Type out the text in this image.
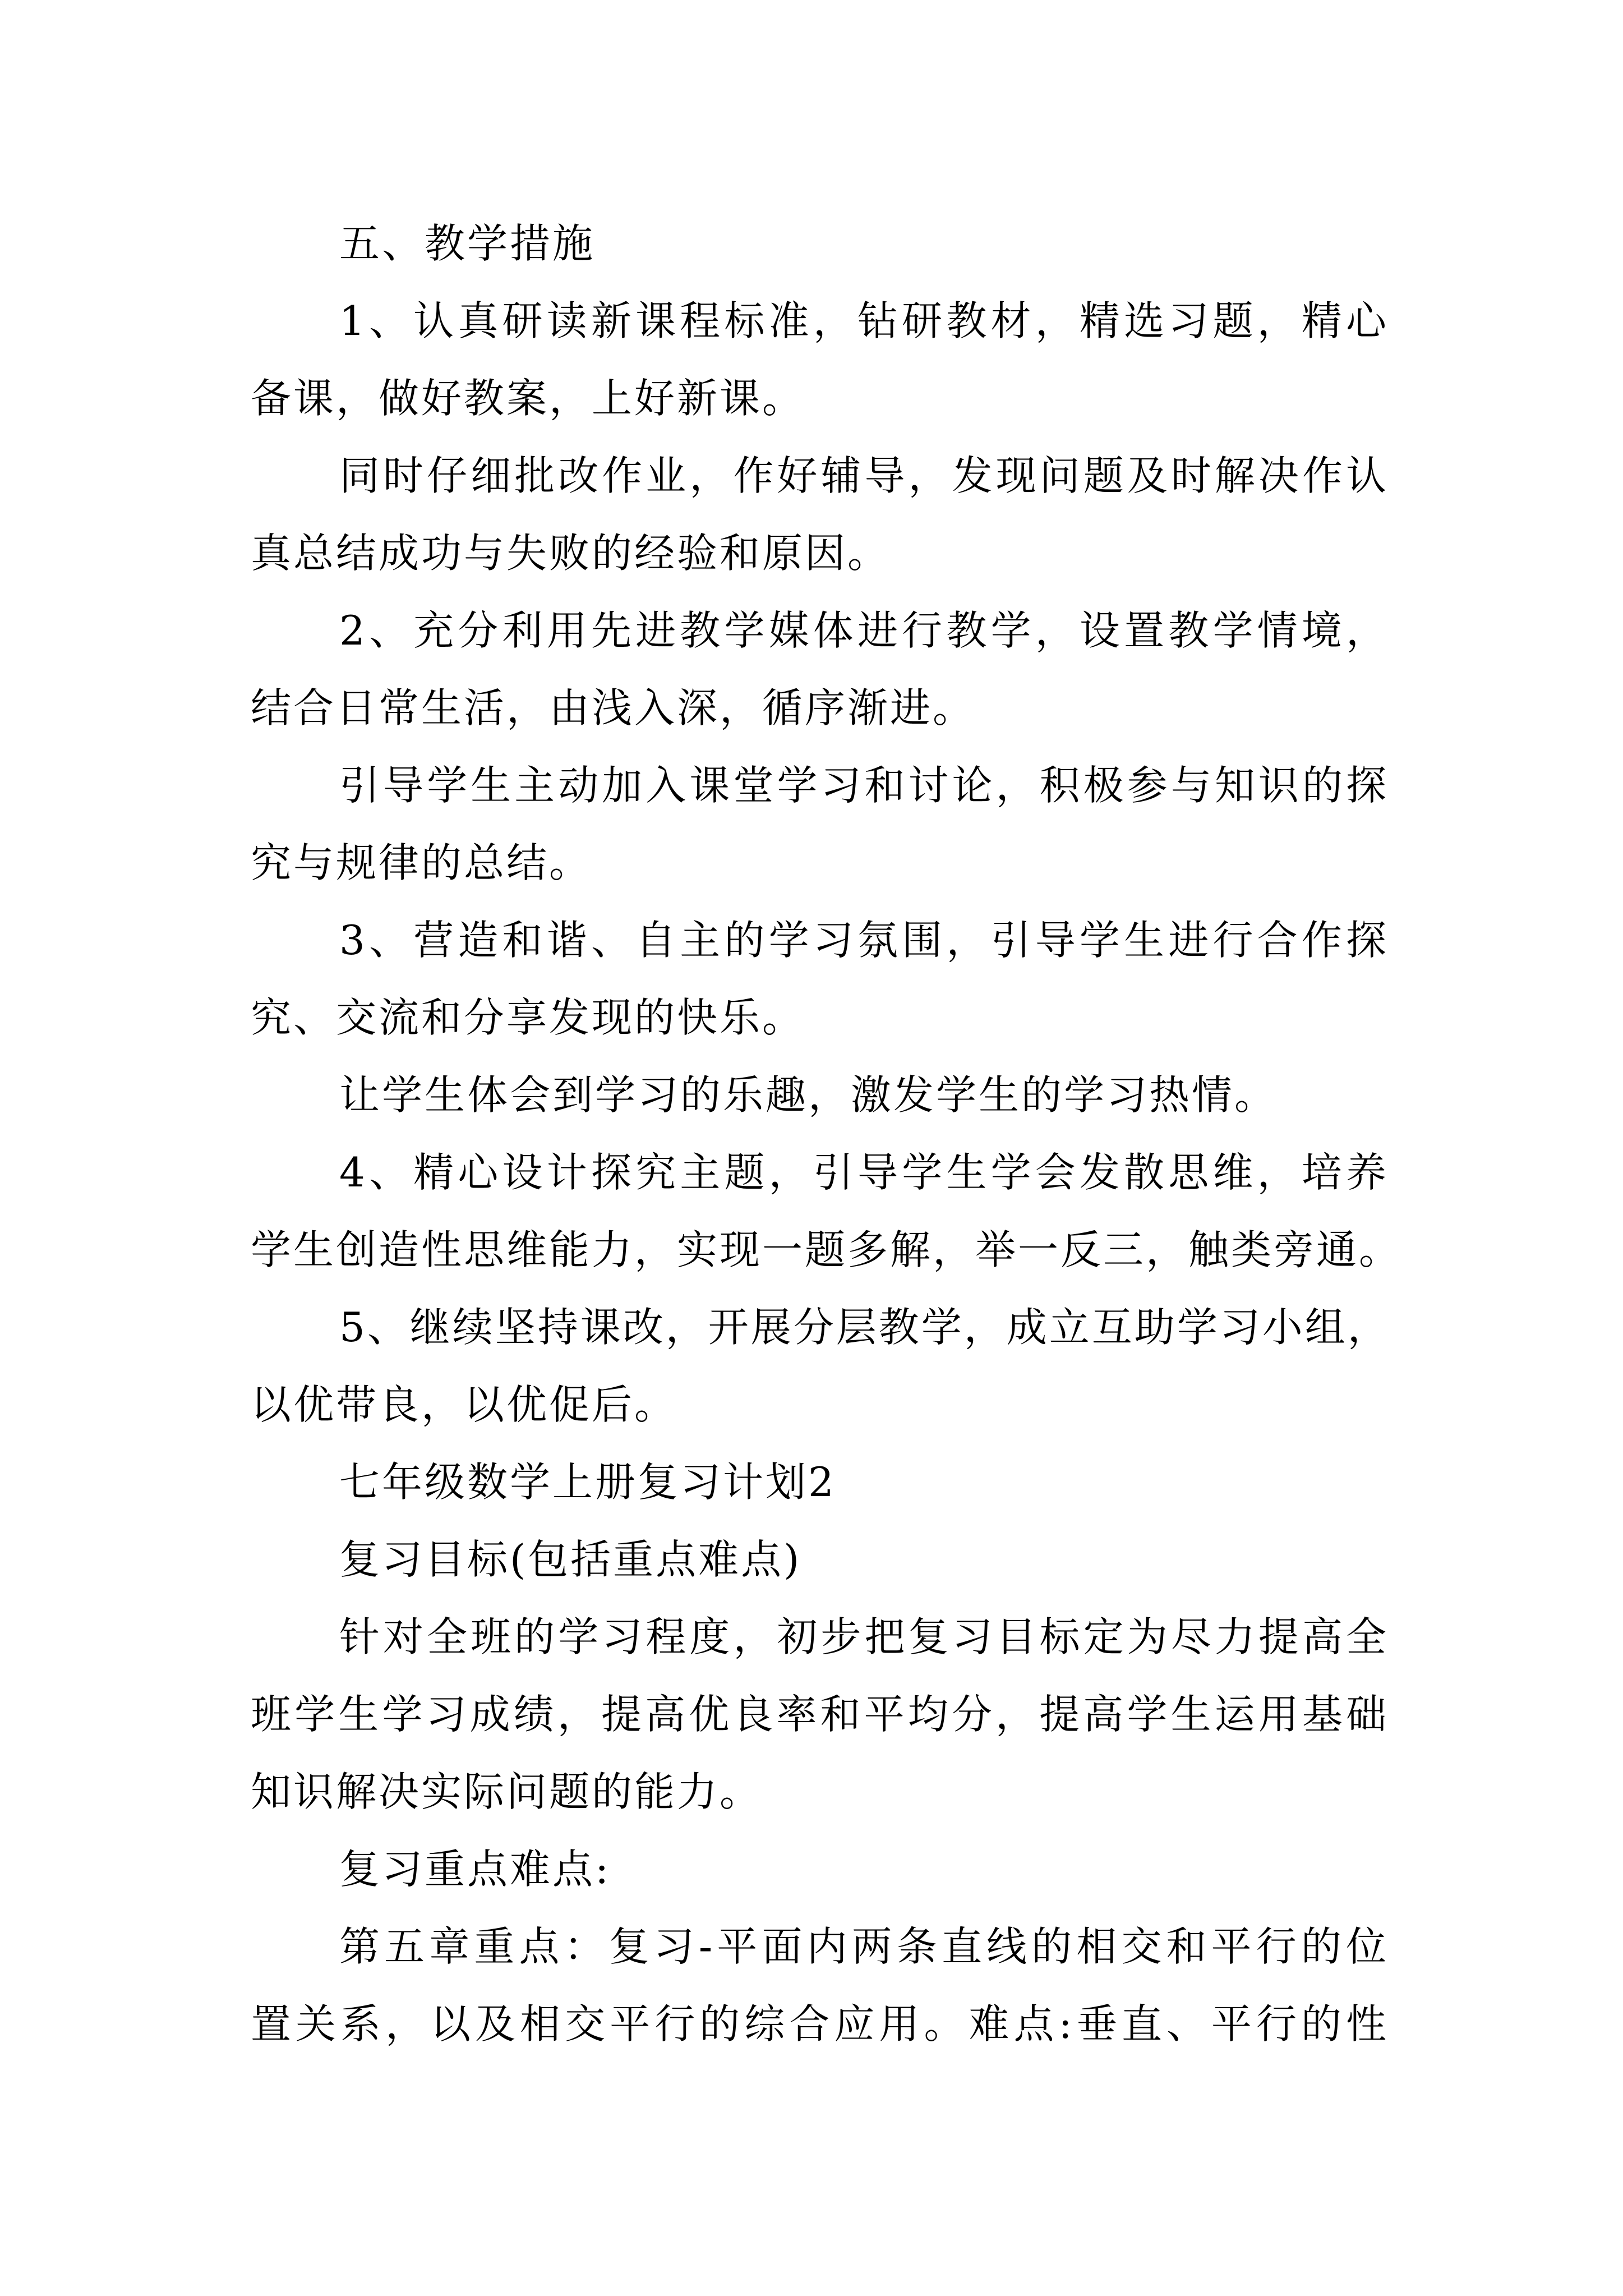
五、教学措施
1、认真研读新课程标准，钻研教材，精选习题，精心
备课，做好教案，上好新课。
同时仔细批改作业，作好辅导，发现问题及时解决作认
真总结成功与失败的经验和原因。
2、充分利用先进教学媒体进行教学，设置教学情境，
结合日常生活，由浅入深，循序渐进。
引导学生主动加入课堂学习和讨论，积极参与知识的探
究与规律的总结。
3、营造和谐、自主的学习氛围，引导学生进行合作探
究、交流和分享发现的快乐。
让学生体会到学习的乐趣，激发学生的学习热情。
4、精心设计探究主题，引导学生学会发散思维，培养
学生创造性思维能力，实现一题多解，举一反三，触类旁通。
5、继续坚持课改，开展分层教学，成立互助学习小组，
以优带良，以优促后。
七年级数学上册复习计划2
复习目标(包括重点难点)
针对全班的学习程度，初步把复习目标定为尽力提高全
班学生学习成绩，提高优良率和平均分，提高学生运用基础
知识解决实际问题的能力。
复习重点难点:
第五章重点：复习-平面内两条直线的相交和平行的位
置关系，以及相交平行的综合应用。难点:垂直、平行的性
